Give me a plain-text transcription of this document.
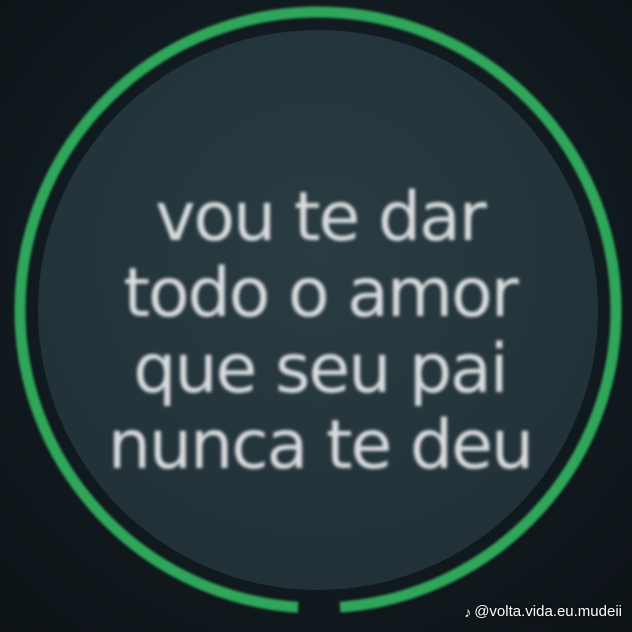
vou te dar
todo o amor
que seu pai
nunca te deu
♪ @volta.vida.eu.mudeii
